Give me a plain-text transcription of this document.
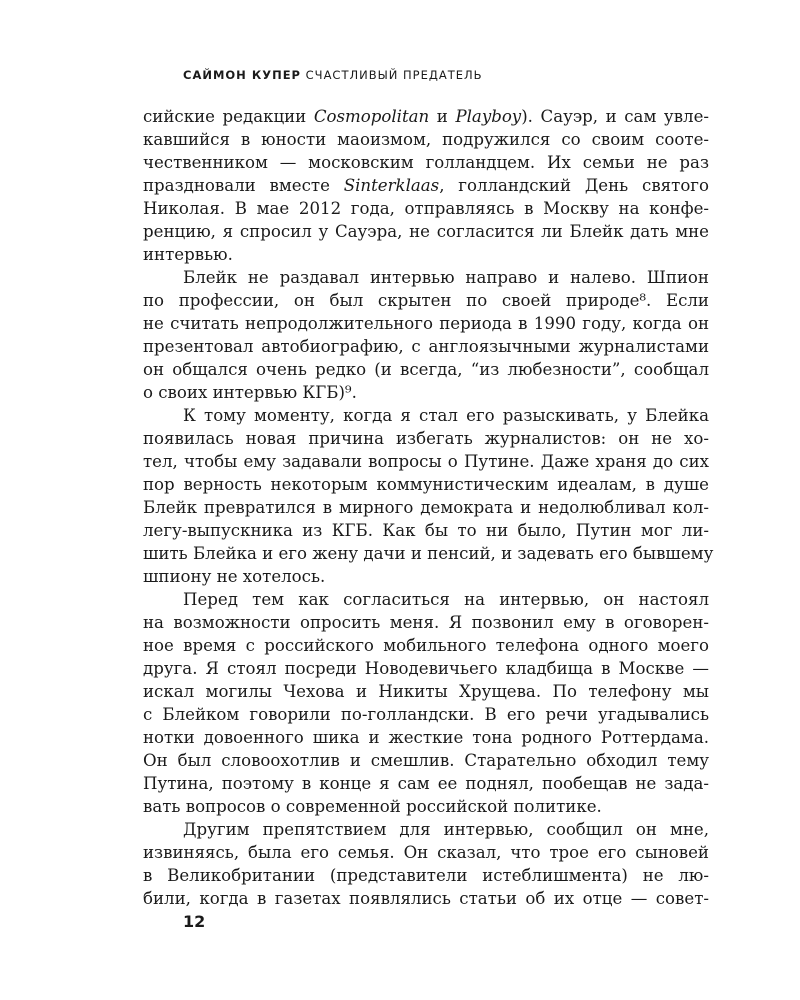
САЙМОН КУПЕР СЧАСТЛИВЫЙ ПРЕДАТЕЛЬ
сийские редакции Cosmopolitan и Playboy). Сауэр, и сам увле-
кавшийся в юности маоизмом, подружился со своим сооте-
чественником — московским голландцем. Их семьи не раз
праздновали вместе Sinterklaas, голландский День святого
Николая. В мае 2012 года, отправляясь в Москву на конфе-
ренцию, я спросил у Сауэра, не согласится ли Блейк дать мне
интервью.
Блейк не раздавал интервью направо и налево. Шпион
по профессии, он был скрытен по своей природе⁸. Если
не считать непродолжительного периода в 1990 году, когда он
презентовал автобиографию, с англоязычными журналистами
он общался очень редко (и всегда, “из любезности”, сообщал
о своих интервью КГБ)⁹.
К тому моменту, когда я стал его разыскивать, у Блейка
появилась новая причина избегать журналистов: он не хо-
тел, чтобы ему задавали вопросы о Путине. Даже храня до сих
пор верность некоторым коммунистическим идеалам, в душе
Блейк превратился в мирного демократа и недолюбливал кол-
легу-выпускника из КГБ. Как бы то ни было, Путин мог ли-
шить Блейка и его жену дачи и пенсий, и задевать его бывшему
шпиону не хотелось.
Перед тем как согласиться на интервью, он настоял
на возможности опросить меня. Я позвонил ему в оговорен-
ное время с российского мобильного телефона одного моего
друга. Я стоял посреди Новодевичьего кладбища в Москве —
искал могилы Чехова и Никиты Хрущева. По телефону мы
с Блейком говорили по-голландски. В его речи угадывались
нотки довоенного шика и жесткие тона родного Роттердама.
Он был словоохотлив и смешлив. Старательно обходил тему
Путина, поэтому в конце я сам ее поднял, пообещав не зада-
вать вопросов о современной российской политике.
Другим препятствием для интервью, сообщил он мне,
извиняясь, была его семья. Он сказал, что трое его сыновей
в Великобритании (представители истеблишмента) не лю-
били, когда в газетах появлялись статьи об их отце — совет-
12
